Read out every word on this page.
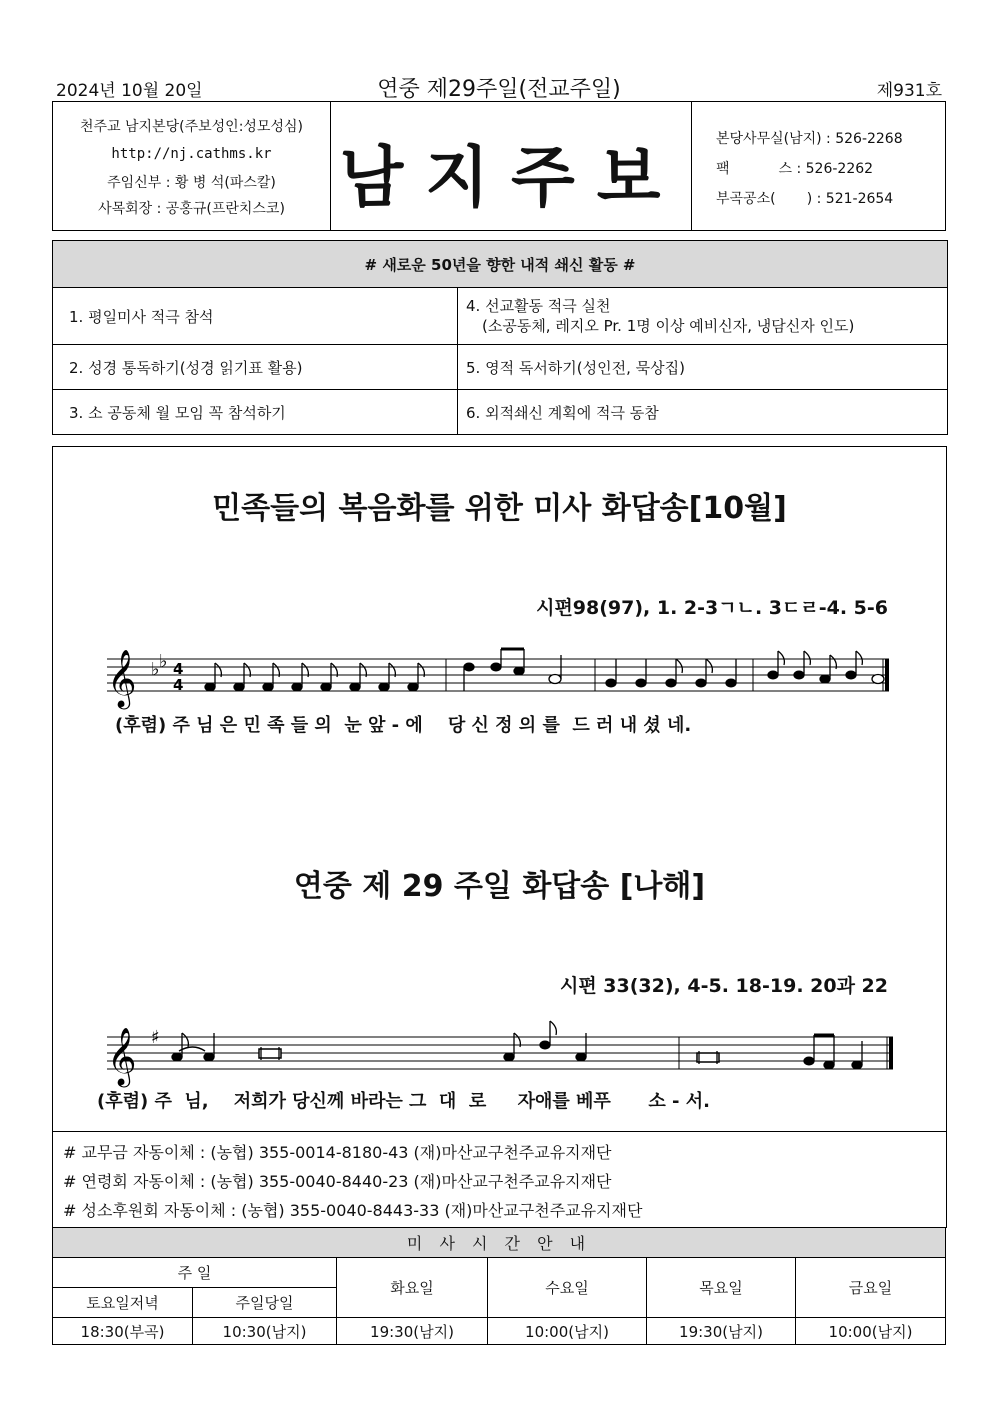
2024년 10월 20일	연중 제29주일(전교주일)	제931호
천주교 남지본당(주보성인:성모성심)
http://nj.cathms.kr
주임신부 : 황 병 석(파스칼)
사목회장 : 공홍규(프란치스코) 남지주보	본당사무실(남지) : 526-2268
팩           스 : 526-2262
부곡공소(       ) : 521-2654
# 새로운 50년을 향한 내적 쇄신 활동 #	
1. 평일미사 적극 참석	4. 선교활동 적극 실천
(소공동체, 레지오 Pr. 1명 이상 예비신자, 냉담신자 인도)

2. 성경 통독하기(성경 읽기표 활용)	5. 영적 독서하기(성인전, 묵상집)
3. 소 공동체 월 모임 꼭 참석하기	6. 외적쇄신 계획에 적극 동참
민족들의 복음화를 위한 미사 화답송[10월]
시편98(97), 1. 2-3ㄱㄴ. 3ㄷㄹ-4. 5-6
𝄞 ♭ ♭ 4
4
(후렴) 주 님 은 민 족 들 의  눈 앞 - 에    당 신 정 의 를  드 러 내 셨 네.
연중 제 29 주일 화답송 [나해]
시편 33(32), 4-5. 18-19. 20과 22
𝄞 ♯
(후렴) 주  님,    저희가 당신께 바라는 그  대  로     자애를 베푸      소 - 서.
# 교무금 자동이체 : (농협) 355-0014-8180-43 (재)마산교구천주교유지재단
# 연령회 자동이체 : (농협) 355-0040-8440-23 (재)마산교구천주교유지재단
# 성소후원회 자동이체 : (농협) 355-0040-8443-33 (재)마산교구천주교유지재단
미 사 시 간 안 내					
주 일		화요일	수요일	목요일	금요일
토요일저녁	주일당일				
18:30(부곡)	10:30(남지)	19:30(남지)	10:00(남지)	19:30(남지)	10:00(남지)
